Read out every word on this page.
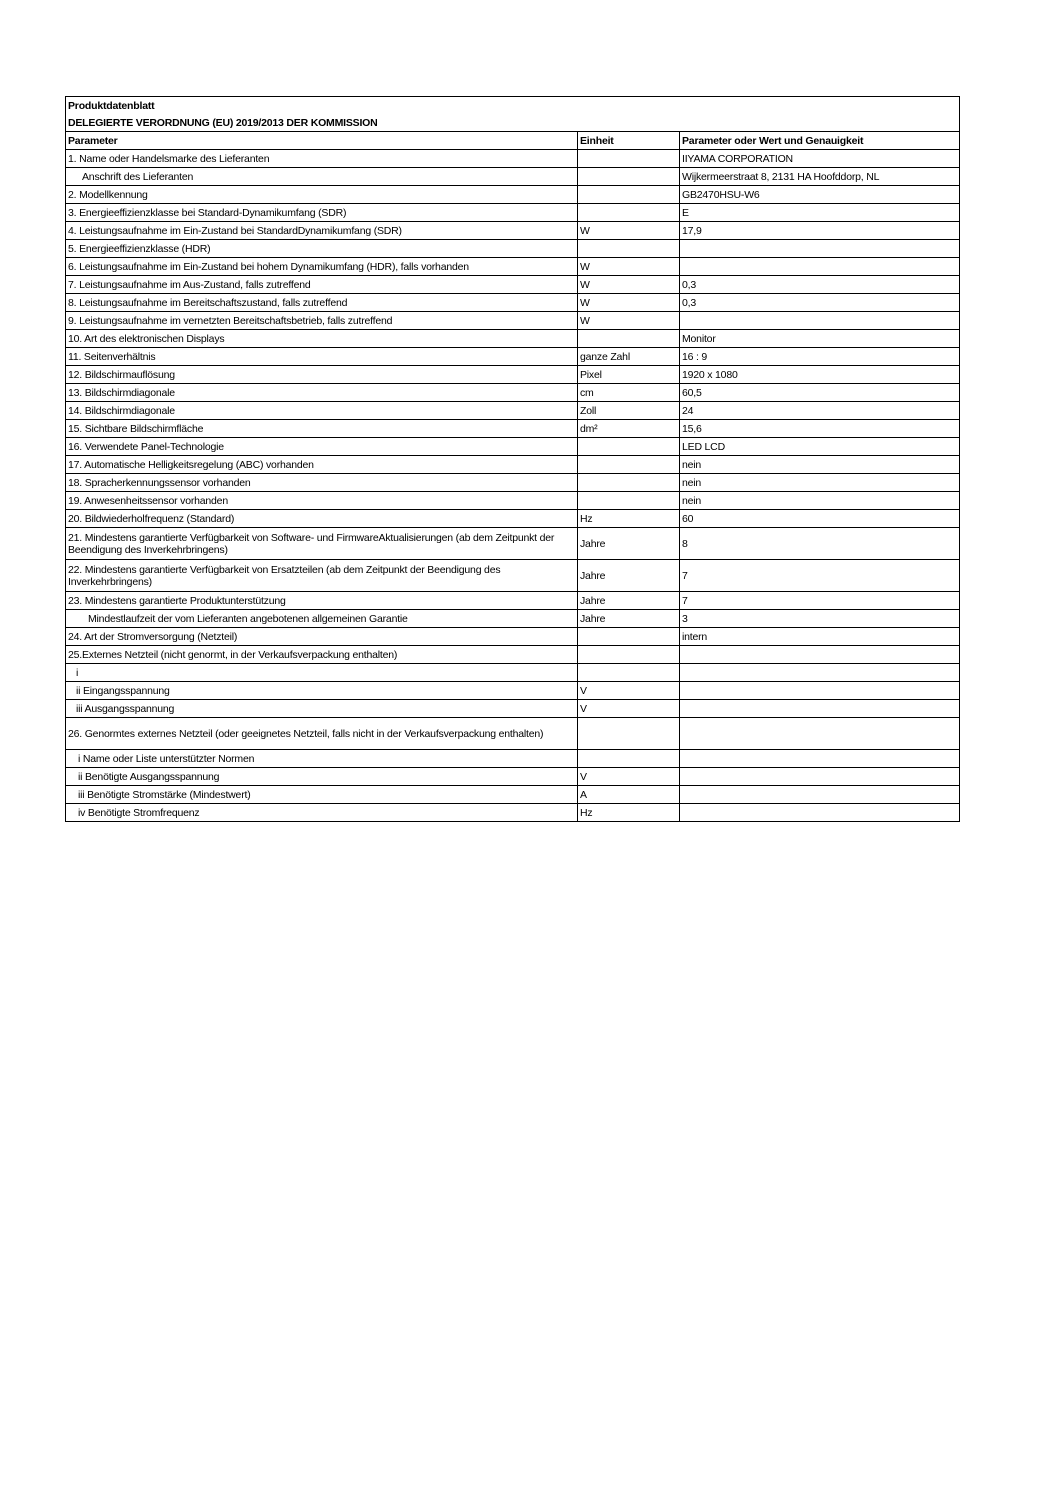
Produktdatenblatt		
DELEGIERTE VERORDNUNG (EU) 2019/2013 DER KOMMISSION		
Parameter	Einheit	Parameter oder Wert und Genauigkeit
1. Name oder Handelsmarke des Lieferanten		IIYAMA CORPORATION
Anschrift des Lieferanten		Wijkermeerstraat 8, 2131 HA Hoofddorp, NL
2. Modellkennung		GB2470HSU-W6
3. Energieeffizienzklasse bei Standard-Dynamikumfang (SDR)		E
4. Leistungsaufnahme im Ein-Zustand bei StandardDynamikumfang (SDR)	W	17,9
5. Energieeffizienzklasse (HDR)		
6. Leistungsaufnahme im Ein-Zustand bei hohem Dynamikumfang (HDR), falls vorhanden	W	
7. Leistungsaufnahme im Aus-Zustand, falls zutreffend	W	0,3
8. Leistungsaufnahme im Bereitschaftszustand, falls zutreffend	W	0,3
9. Leistungsaufnahme im vernetzten Bereitschaftsbetrieb, falls zutreffend	W	
10. Art des elektronischen Displays		Monitor
11. Seitenverhältnis	ganze Zahl	16 : 9
12. Bildschirmauflösung	Pixel	1920 x 1080
13. Bildschirmdiagonale	cm	60,5
14. Bildschirmdiagonale	Zoll	24
15. Sichtbare Bildschirmfläche	dm²	15,6
16. Verwendete Panel-Technologie		LED LCD
17. Automatische Helligkeitsregelung (ABC) vorhanden		nein
18. Spracherkennungssensor vorhanden		nein
19. Anwesenheitssensor vorhanden		nein
20. Bildwiederholfrequenz (Standard)	Hz	60
21. Mindestens garantierte Verfügbarkeit von Software- und FirmwareAktualisierungen (ab dem Zeitpunkt der Beendigung des Inverkehrbringens)	Jahre	8
22. Mindestens garantierte Verfügbarkeit von Ersatzteilen (ab dem Zeitpunkt der Beendigung des Inverkehrbringens)	Jahre	7
23. Mindestens garantierte Produktunterstützung	Jahre	7
Mindestlaufzeit der vom Lieferanten angebotenen allgemeinen Garantie	Jahre	3
24. Art der Stromversorgung (Netzteil)		intern
25.Externes Netzteil (nicht genormt, in der Verkaufsverpackung enthalten)		
i		
ii Eingangsspannung	V	
iii Ausgangsspannung	V	
26. Genormtes externes Netzteil (oder geeignetes Netzteil, falls nicht in der Verkaufsverpackung enthalten)		
i Name oder Liste unterstützter Normen		
ii Benötigte Ausgangsspannung	V	
iii Benötigte Stromstärke (Mindestwert)	A	
iv Benötigte Stromfrequenz	Hz	
